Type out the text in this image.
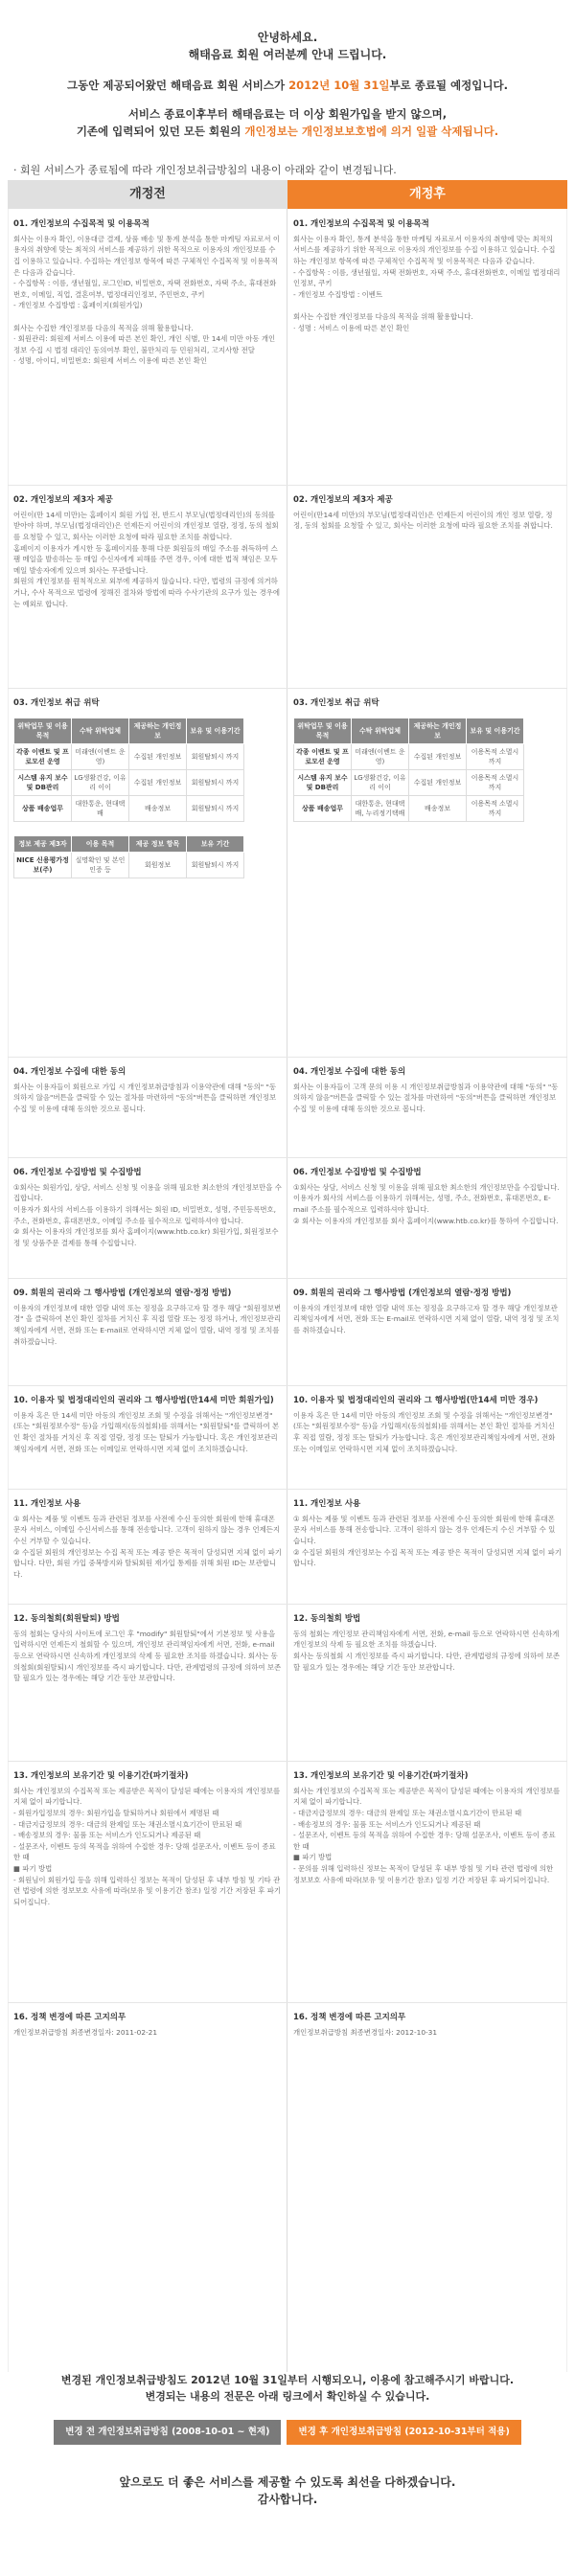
안녕하세요.
해태음료 회원 여러분께 안내 드립니다.
그동안 제공되어왔던 해태음료 회원 서비스가 2012년 10월 31일부로 종료될 예정입니다.
서비스 종료이후부터 해태음료는 더 이상 회원가입을 받지 않으며,
기존에 입력되어 있던 모든 회원의 개인정보는 개인정보보호법에 의거 일괄 삭제됩니다.
· 회원 서비스가 종료됨에 따라 개인정보취급방침의 내용이 아래와 같이 변경됩니다.
개정전	개정후
01. 개인정보의 수집목적 및 이용목적

회사는 이용자 확인, 이용대금 결제, 상품 배송 및 통계 분석을 통한 마케팅 자료로서 이용자의 취향에 맞는 최적의 서비스를 제공하기 위한 목적으로 이용자의 개인정보를 수집 이용하고 있습니다. 수집하는 개인정보 항목에 따른 구체적인 수집목적 및 이용목적은 다음과 같습니다.

- 수집항목 : 이름, 생년월일, 로그인ID, 비밀번호, 자택 전화번호, 자택 주소, 휴대전화번호, 이메일, 직업, 결혼여부, 법정대리인정보, 주민번호, 쿠키

- 개인정보 수집방법 : 홈페이지(회원가입)

회사는 수집한 개인정보를 다음의 목적을 위해 활용합니다.

· 회원관리: 회원제 서비스 이용에 따른 본인 확인, 개인 식별, 만 14세 미만 아동 개인정보 수집 시 법정 대리인 동의여부 확인, 불만처리 등 민원처리, 고지사항 전달

· 성명, 아이디, 비밀번호: 회원제 서비스 이용에 따른 본인 확인

02. 개인정보의 제3자 제공

어린이(만 14세 미만)는 홈페이지 회원 가입 전, 반드시 부모님(법정대리인)의 동의를 받아야 하며, 부모님(법정대리인)은 언제든지 어린이의 개인정보 열람, 정정, 동의 철회를 요청할 수 있고, 회사는 이러한 요청에 따라 필요한 조치를 취합니다.

홈페이지 이용자가 게시한 등 홈페이지를 통해 다룬 회원들의 매일 주소를 취득하여 스팸 메일을 발송하는 등 매일 수신자에게 피해를 주면 경우, 이에 대한 법적 책임은 모두 메일 발송자에게 있으며 회사는 무관합니다.

회원의 개인정보를 원칙적으로 외부에 제공하지 않습니다. 다만, 법령의 규정에 의거하거나, 수사 목적으로 법령에 정해진 절차와 방법에 따라 수사기관의 요구가 있는 경우에는 예외로 합니다.

03. 개인정보 취급 위탁
위탁업무 및 이용목적	수탁 위탁업체	제공하는 개인정보	보유 및 이용기간
각종 이벤트 및 프로모션 운영	미래엔(이벤트 운영)	수집된 개인정보	회원탈퇴시 까지
시스템 유지 보수 및 DB관리	LG생활건강, 이유리 이이	수집된 개인정보	회원탈퇴시 까지
상품 배송업무	대한통운, 현대택배	배송정보	회원탈퇴시 까지
정보 제공 제3자	이용 목적	제공 정보 항목	보유 기간
NICE 신용평가정보(주)	실명확인 및 본인인증 등	회원정보	회원탈퇴시 까지
04. 개인정보 수집에 대한 동의

회사는 이용자들이 회원으로 가입 시 개인정보취급방침과 이용약관에 대해 "동의" "동의하지 않음"버튼을 클릭할 수 있는 절차를 마련하여 "동의"버튼을 클릭하면 개인정보 수집 및 이용에 대해 동의한 것으로 봅니다.

06. 개인정보 수집방법 및 수집방법

①회사는 회원가입, 상담, 서비스 신청 및 이용을 위해 필요한 최소한의 개인정보만을 수집합니다.

이용자가 회사의 서비스를 이용하기 위해서는 회원 ID, 비밀번호, 성명, 주민등록번호, 주소, 전화번호, 휴대폰번호, 이메일 주소를 필수적으로 입력하셔야 합니다.

② 회사는 이용자의 개인정보를 회사 홈페이지(www.htb.co.kr) 회원가입, 회원정보수정 및 상품주문 결제를 통해 수집합니다.

09. 회원의 권리와 그 행사방법 (개인정보의 열람·정정 방법)

이용자의 개인정보에 대한 열람 내역 또는 정정을 요구하고자 할 경우 해당 "회원정보변경" 을 클릭하여 본인 확인 절차를 거치신 후 직접 열람 또는 정정 하거나, 개인정보관리책임자에게 서면, 전화 또는 E-mail로 연락하시면 지체 없이 열람, 내역 정정 및 조치를 취하겠습니다.

10. 이용자 및 법정대리인의 권리와 그 행사방법(만14세 미만 회원가입)

이용자 혹은 만 14세 미만 아동의 개인정보 조회 및 수정을 위해서는 "개인정보변경"(또는 "회원정보수정" 등)을 가입해지(동의철회)를 위해서는 "회원탈퇴"를 클릭하여 본인 확인 절차를 거치신 후 직접 열람, 정정 또는 탈퇴가 가능합니다. 혹은 개인정보관리책임자에게 서면, 전화 또는 이메일로 연락하시면 지체 없이 조치하겠습니다.

11. 개인정보 사용

① 회사는 제품 및 이벤트 등과 관련된 정보를 사전에 수신 동의한 회원에 한해 휴대폰 문자 서비스, 이메일 수신서비스를 통해 전송합니다. 고객이 원하지 않는 경우 언제든지 수신 거부할 수 있습니다.

② 수집된 회원의 개인정보는 수집 목적 또는 제공 받은 목적이 달성되면 지체 없이 파기합니다. 다만, 회원 가입 중복방지와 탈퇴회원 재가입 통제를 위해 회원 ID는 보관합니다.

12. 동의철회(회원탈퇴) 방법

동의 철회는 당사의 사이트에 로그인 후 "modify" 회원탈퇴"에서 기본정보 및 사용을 입력하시면 언제든지 철회할 수 있으며, 개인정보 관리책임자에게 서면, 전화, e-mail 등으로 연락하시면 신속하게 개인정보의 삭제 등 필요한 조치를 하겠습니다. 회사는 동의철회(회원탈퇴)시 개인정보를 즉시 파기합니다. 다만, 관계법령의 규정에 의하여 보존할 필요가 있는 경우에는 해당 기간 동안 보관합니다.

13. 개인정보의 보유기간 및 이용기간(파기절차)

회사는 개인정보의 수집목적 또는 제공받은 목적이 달성된 때에는 이용자의 개인정보를 지체 없이 파기합니다.

- 회원가입정보의 경우: 회원가입을 탈퇴하거나 회원에서 제명된 때

- 대금지급정보의 경우: 대금의 완제일 또는 채권소멸시효기간이 만료된 때

- 배송정보의 경우: 물품 또는 서비스가 인도되거나 제공된 때

- 설문조사, 이벤트 등의 목적을 위하여 수집한 경우: 당해 설문조사, 이벤트 등이 종료한 때

■ 파기 방법

- 회원님이 회원가입 등을 위해 입력하신 정보는 목적이 달성된 후 내부 방침 및 기타 관련 법령에 의한 정보보호 사유에 따라(보유 및 이용기간 참조) 일정 기간 저장된 후 파기되어집니다.

16. 정책 변경에 따른 고지의무

개인정보취급방침 최종변경일자: 2011-02-21

01. 개인정보의 수집목적 및 이용목적

회사는 이용자 확인, 통계 분석을 통한 마케팅 자료로서 이용자의 취향에 맞는 최적의 서비스를 제공하기 위한 목적으로 이용자의 개인정보를 수집 이용하고 있습니다. 수집하는 개인정보 항목에 따른 구체적인 수집목적 및 이용목적은 다음과 같습니다.

- 수집항목 : 이름, 생년월일, 자택 전화번호, 자택 주소, 휴대전화번호, 이메일 법정대리인정보, 쿠키

- 개인정보 수집방법 : 이벤트

회사는 수집한 개인정보를 다음의 목적을 위해 활용합니다.

· 성명 : 서비스 이용에 따른 본인 확인

02. 개인정보의 제3자 제공

어린이(만14세 미만)의 부모님(법정대리인)은 언제든지 어린이의 개인 정보 열람, 정정, 동의 철회를 요청할 수 있고, 회사는 이러한 요청에 따라 필요한 조치를 취합니다.

03. 개인정보 취급 위탁
위탁업무 및 이용목적	수탁 위탁업체	제공하는 개인정보	보유 및 이용기간
각종 이벤트 및 프로모션 운영	미래엔(이벤트 운영)	수집된 개인정보	이용목적 소멸시까지
시스템 유지 보수 및 DB관리	LG생활건강, 이유리 이이	수집된 개인정보	이용목적 소멸시까지
상품 배송업무	대한통운, 현대택배, 누리정기택배	배송정보	이용목적 소멸시까지
04. 개인정보 수집에 대한 동의

회사는 이용자들이 고객 문의 이용 시 개인정보취급방침과 이용약관에 대해 "동의" "동의하지 않음"버튼을 클릭할 수 있는 절차를 마련하여 "동의"버튼을 클릭하면 개인정보 수집 및 이용에 대해 동의한 것으로 봅니다.

06. 개인정보 수집방법 및 수집방법

①회사는 상담, 서비스 신청 및 이용을 위해 필요한 최소한의 개인정보만을 수집합니다.

이용자가 회사의 서비스를 이용하기 위해서는, 성명, 주소, 전화번호, 휴대폰번호, E-mail 주소를 필수적으로 입력하셔야 합니다.

② 회사는 이용자의 개인정보를 회사 홈페이지(www.htb.co.kr)를 통하여 수집합니다.

09. 회원의 권리와 그 행사방법 (개인정보의 열람·정정 방법)

이용자의 개인정보에 대한 열람 내역 또는 정정을 요구하고자 할 경우 해당 개인정보관리책임자에게 서면, 전화 또는 E-mail로 연락하시면 지체 없이 열람, 내역 정정 및 조치를 취하겠습니다.

10. 이용자 및 법정대리인의 권리와 그 행사방법(만14세 미만 경우)

이용자 혹은 만 14세 미만 아동의 개인정보 조회 및 수정을 위해서는 "개인정보변경"(또는 "회원정보수정" 등)을 가입해지(동의철회)를 위해서는 본인 확인 절차를 거치신 후 직접 열람, 정정 또는 탈퇴가 가능합니다. 혹은 개인정보관리책임자에게 서면, 전화 또는 이메일로 연락하시면 지체 없이 조치하겠습니다.

11. 개인정보 사용

① 회사는 제품 및 이벤트 등과 관련된 정보를 사전에 수신 동의한 회원에 한해 휴대폰 문자 서비스를 통해 전송합니다. 고객이 원하지 않는 경우 언제든지 수신 거부할 수 있습니다.

② 수집된 회원의 개인정보는 수집 목적 또는 제공 받은 목적이 달성되면 지체 없이 파기합니다.

12. 동의철회 방법

동의 철회는 개인정보 관리책임자에게 서면, 전화, e-mail 등으로 연락하시면 신속하게 개인정보의 삭제 등 필요한 조치를 하겠습니다.

회사는 동의철회 시 개인정보를 즉시 파기합니다. 다만, 관계법령의 규정에 의하여 보존할 필요가 있는 경우에는 해당 기간 동안 보관합니다.

13. 개인정보의 보유기간 및 이용기간(파기절차)

회사는 개인정보의 수집목적 또는 제공받은 목적이 달성된 때에는 이용자의 개인정보를 지체 없이 파기합니다.

- 대금지급정보의 경우: 대금의 완제일 또는 채권소멸시효기간이 만료된 때

- 배송정보의 경우: 물품 또는 서비스가 인도되거나 제공된 때

- 설문조사, 이벤트 등의 목적을 위하여 수집한 경우: 당해 설문조사, 이벤트 등이 종료한 때

■ 파기 방법

- 문의를 위해 입력하신 정보는 목적이 달성된 후 내부 방침 및 기타 관련 법령에 의한 정보보호 사유에 따라(보유 및 이용기간 참조) 일정 기간 저장된 후 파기되어집니다.

16. 정책 변경에 따른 고지의무

개인정보취급방침 최종변경일자: 2012-10-31

변경된 개인정보취급방침도 2012년 10월 31일부터 시행되오니, 이용에 참고해주시기 바랍니다.
변경되는 내용의 전문은 아래 링크에서 확인하실 수 있습니다.
변경 전 개인정보취급방침 (2008-10-01 ~ 현재)	변경 후 개인정보취급방침 (2012-10-31부터 적용)
앞으로도 더 좋은 서비스를 제공할 수 있도록 최선을 다하겠습니다.
감사합니다.
